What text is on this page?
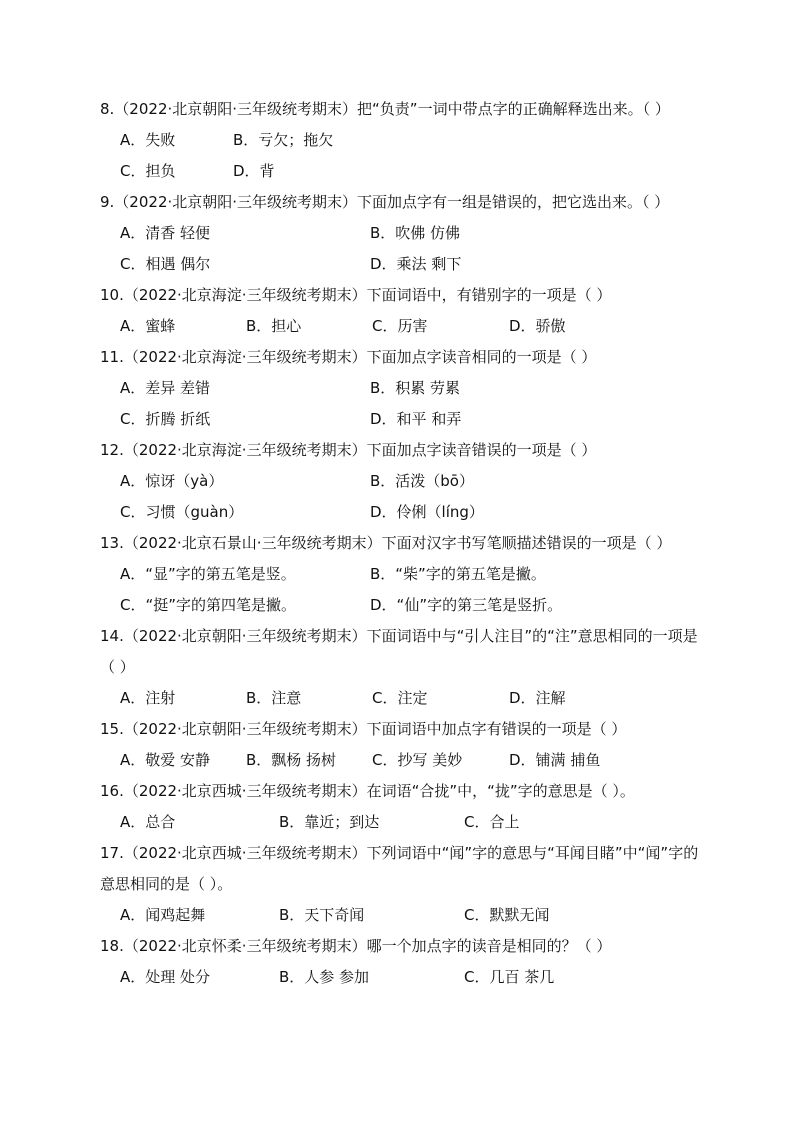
8.（2022·北京朝阳·三年级统考期末）把“负责”一词中带点字的正确解释选出来。（ ）
A．失败	B．亏欠；拖欠
C．担负	D．背
9.（2022·北京朝阳·三年级统考期末）下面加点字有一组是错误的，把它选出来。（ ）
A．清香 轻便	B．吹佛 仿佛
C．相遇 偶尔	D．乘法 剩下
10.（2022·北京海淀·三年级统考期末）下面词语中，有错别字的一项是（ ）
A．蜜蜂	B．担心	C．历害	D．骄傲
11.（2022·北京海淀·三年级统考期末）下面加点字读音相同的一项是（ ）
A．差异 差错	B．积累 劳累
C．折腾 折纸	D．和平 和弄
12.（2022·北京海淀·三年级统考期末）下面加点字读音错误的一项是（ ）
A．惊讶（yà）	B．活泼（bō）
C．习惯（guàn）	D．伶俐（líng）
13.（2022·北京石景山·三年级统考期末）下面对汉字书写笔顺描述错误的一项是（ ）
A．“显”字的第五笔是竖。	B．“柴”字的第五笔是撇。
C．“挺”字的第四笔是撇。	D．“仙”字的第三笔是竖折。
14.（2022·北京朝阳·三年级统考期末）下面词语中与“引人注目”的“注”意思相同的一项是（ ）
A．注射	B．注意	C．注定	D．注解
15.（2022·北京朝阳·三年级统考期末）下面词语中加点字有错误的一项是（ ）
A．敬爱 安静	B．飘杨 扬树	C．抄写 美妙	D．铺满 捕鱼
16.（2022·北京西城·三年级统考期末）在词语“合拢”中，“拢”字的意思是（ ）。
A．总合	B．靠近；到达	C．合上
17.（2022·北京西城·三年级统考期末）下列词语中“闻”字的意思与“耳闻目睹”中“闻”字的意思相同的是（ ）。
A．闻鸡起舞	B．天下奇闻	C．默默无闻
18.（2022·北京怀柔·三年级统考期末）哪一个加点字的读音是相同的？（ ）
A．处理 处分	B．人参 参加	C．几百 茶几
